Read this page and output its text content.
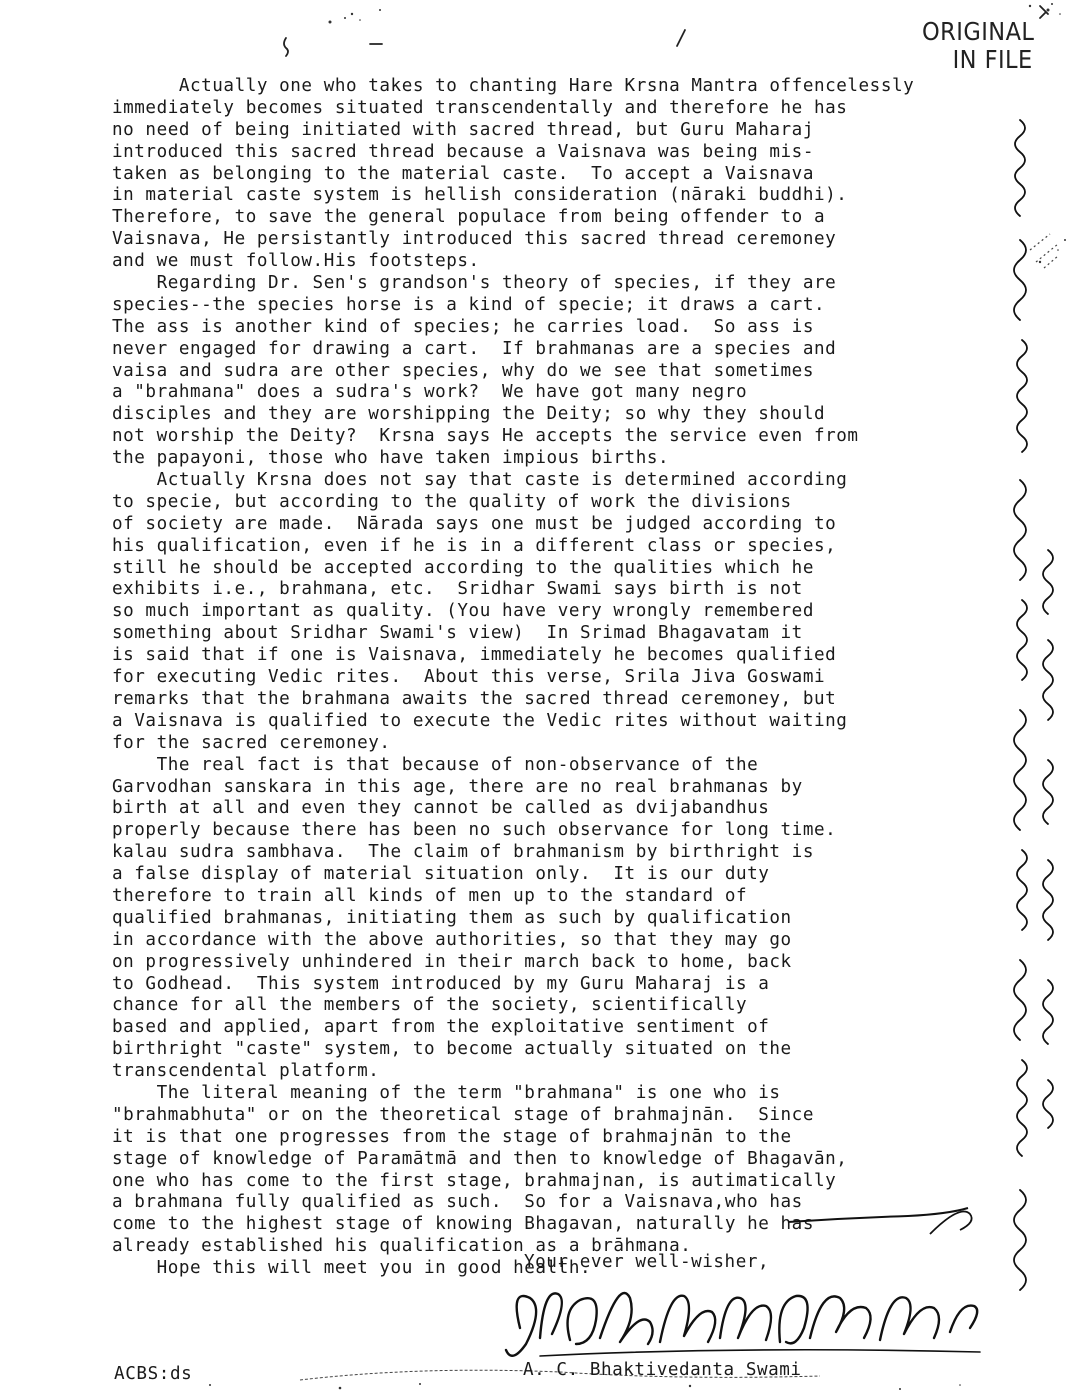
ORIGINAL
IN FILE
Actually one who takes to chanting Hare Krsna Mantra offencelessly
immediately becomes situated transcendentally and therefore he has
no need of being initiated with sacred thread, but Guru Maharaj
introduced this sacred thread because a Vaisnava was being mis-
taken as belonging to the material caste.  To accept a Vaisnava
in material caste system is hellish consideration (nāraki buddhi).
Therefore, to save the general populace from being offender to a
Vaisnava, He persistantly introduced this sacred thread ceremoney
and we must follow.His footsteps.
Regarding Dr. Sen's grandson's theory of species, if they are
species--the species horse is a kind of specie; it draws a cart.
The ass is another kind of species; he carries load.  So ass is
never engaged for drawing a cart.  If brahmanas are a species and
vaisa and sudra are other species, why do we see that sometimes
a "brahmana" does a sudra's work?  We have got many negro
disciples and they are worshipping the Deity; so why they should
not worship the Deity?  Krsna says He accepts the service even from
the papayoni, those who have taken impious births.
Actually Krsna does not say that caste is determined according
to specie, but according to the quality of work the divisions
of society are made.  Nārada says one must be judged according to
his qualification, even if he is in a different class or species,
still he should be accepted according to the qualities which he
exhibits i.e., brahmana, etc.  Sridhar Swami says birth is not
so much important as quality. (You have very wrongly remembered
something about Sridhar Swami's view)  In Srimad Bhagavatam it
is said that if one is Vaisnava, immediately he becomes qualified
for executing Vedic rites.  About this verse, Srila Jiva Goswami
remarks that the brahmana awaits the sacred thread ceremoney, but
a Vaisnava is qualified to execute the Vedic rites without waiting
for the sacred ceremoney.
The real fact is that because of non-observance of the
Garvodhan sanskara in this age, there are no real brahmanas by
birth at all and even they cannot be called as dvijabandhus
properly because there has been no such observance for long time.
kalau sudra sambhava.  The claim of brahmanism by birthright is
a false display of material situation only.  It is our duty
therefore to train all kinds of men up to the standard of
qualified brahmanas, initiating them as such by qualification
in accordance with the above authorities, so that they may go
on progressively unhindered in their march back to home, back
to Godhead.  This system introduced by my Guru Maharaj is a
chance for all the members of the society, scientifically
based and applied, apart from the exploitative sentiment of
birthright "caste" system, to become actually situated on the
transcendental platform.
The literal meaning of the term "brahmana" is one who is
"brahmabhuta" or on the theoretical stage of brahmajnān.  Since
it is that one progresses from the stage of brahmajnān to the
stage of knowledge of Paramātmā and then to knowledge of Bhagavān,
one who has come to the first stage, brahmajnan, is autimatically
a brahmana fully qualified as such.  So for a Vaisnava,who has
come to the highest stage of knowing Bhagavan, naturally he has
already established his qualification as a brāhmana.
Hope this will meet you in good health.
Your ever well-wisher,
A. C. Bhaktivedanta Swami
ACBS:ds
